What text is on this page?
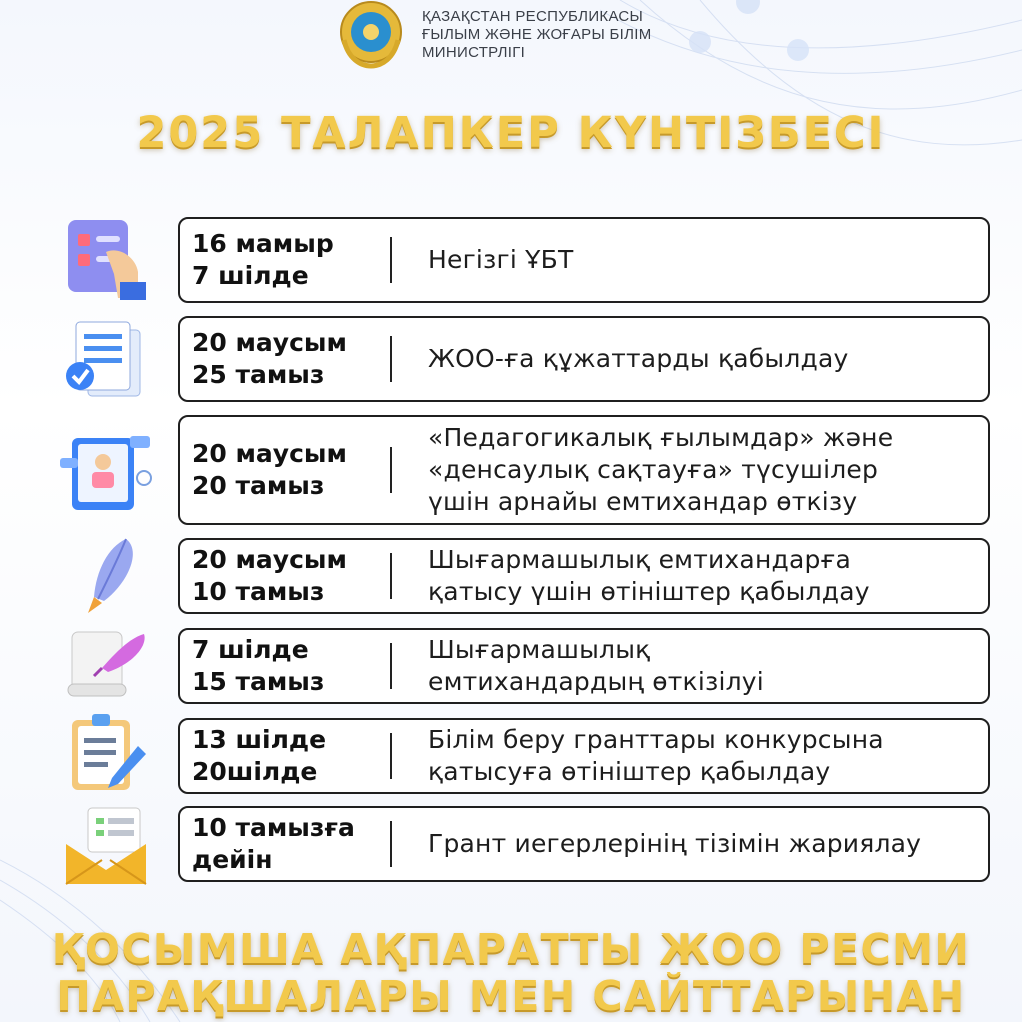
ҚАЗАҚСТАН РЕСПУБЛИКАСЫ
ҒЫЛЫМ ЖӘНЕ ЖОҒАРЫ БІЛІМ
МИНИСТРЛІГІ
2025 ТАЛАПКЕР КҮНТІЗБЕСІ
16 мамыр
7 шілде
Негізгі ҰБТ
20 маусым
25 тамыз
ЖОО-ға құжаттарды қабылдау
20 маусым
20 тамыз
«Педагогикалық ғылымдар» және
«денсаулық сақтауға» түсушілер
үшін арнайы емтихандар өткізу
20 маусым
10 тамыз
Шығармашылық емтихандарға
қатысу үшін өтініштер қабылдау
7 шілде
15 тамыз
Шығармашылық
емтихандардың өткізілуі
13 шілде
20шілде
Білім беру гранттары конкурсына
қатысуға өтініштер қабылдау
10 тамызға
дейін
Грант иегерлерінің тізімін жариялау
ҚОСЫМША АҚПАРАТТЫ ЖОО РЕСМИ
ПАРАҚШАЛАРЫ МЕН САЙТТАРЫНАН
